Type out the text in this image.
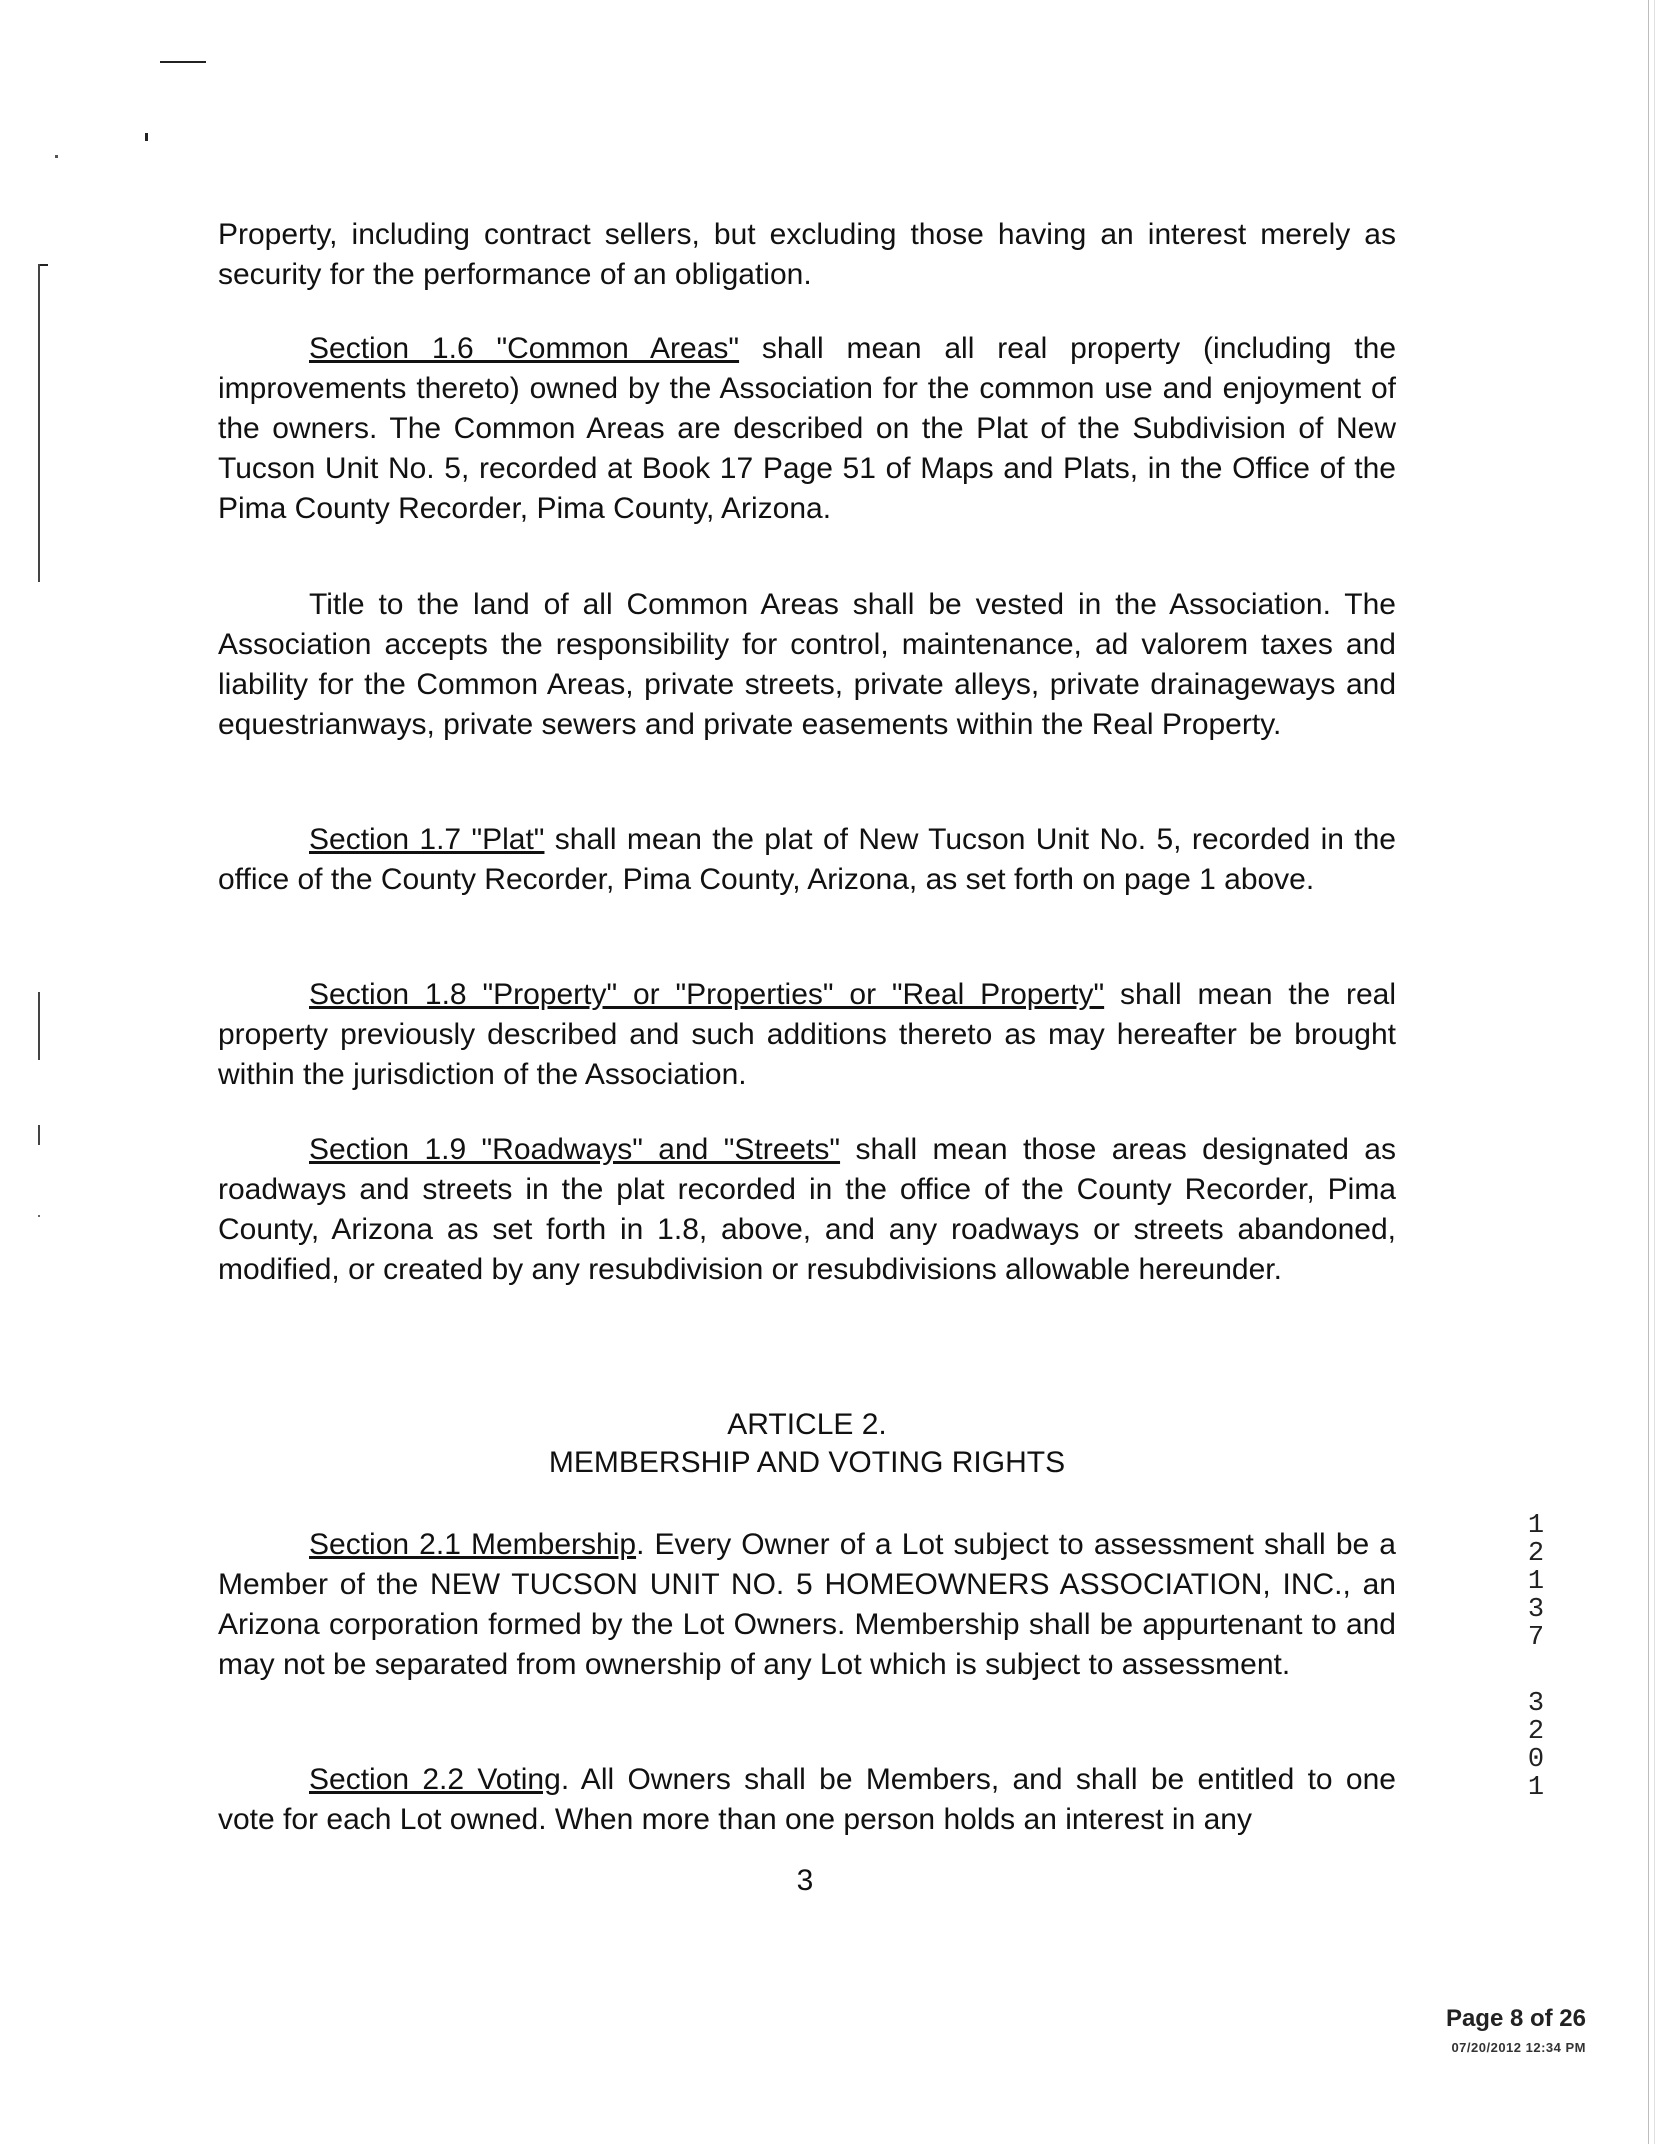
Property, including contract sellers, but excluding those having an interest merely as security for the performance of an obligation.

Section 1.6 "Common Areas" shall mean all real property (including the improvements thereto) owned by the Association for the common use and enjoyment of the owners. The Common Areas are described on the Plat of the Subdivision of New Tucson Unit No. 5, recorded at Book 17 Page 51 of Maps and Plats, in the Office of the Pima County Recorder, Pima County, Arizona.

Title to the land of all Common Areas shall be vested in the Association. The Association accepts the responsibility for control, maintenance, ad valorem taxes and liability for the Common Areas, private streets, private alleys, private drainageways and equestrianways, private sewers and private easements within the Real Property.

Section 1.7 "Plat" shall mean the plat of New Tucson Unit No. 5, recorded in the office of the County Recorder, Pima County, Arizona, as set forth on page 1 above.

Section 1.8 "Property" or "Properties" or "Real Property" shall mean the real property previously described and such additions thereto as may hereafter be brought within the jurisdiction of the Association.

Section 1.9 "Roadways" and "Streets" shall mean those areas designated as roadways and streets in the plat recorded in the office of the County Recorder, Pima County, Arizona as set forth in 1.8, above, and any roadways or streets abandoned, modified, or created by any resubdivision or resubdivisions allowable hereunder.

ARTICLE 2.
MEMBERSHIP AND VOTING RIGHTS

Section 2.1 Membership. Every Owner of a Lot subject to assessment shall be a Member of the NEW TUCSON UNIT NO. 5 HOMEOWNERS ASSOCIATION, INC., an Arizona corporation formed by the Lot Owners. Membership shall be appurtenant to and may not be separated from ownership of any Lot which is subject to assessment.

Section 2.2 Voting. All Owners shall be Members, and shall be entitled to one vote for each Lot owned. When more than one person holds an interest in any

3
1
2
1
3
7
3
2
0
1
Page 8 of 26
07/20/2012 12:34 PM
